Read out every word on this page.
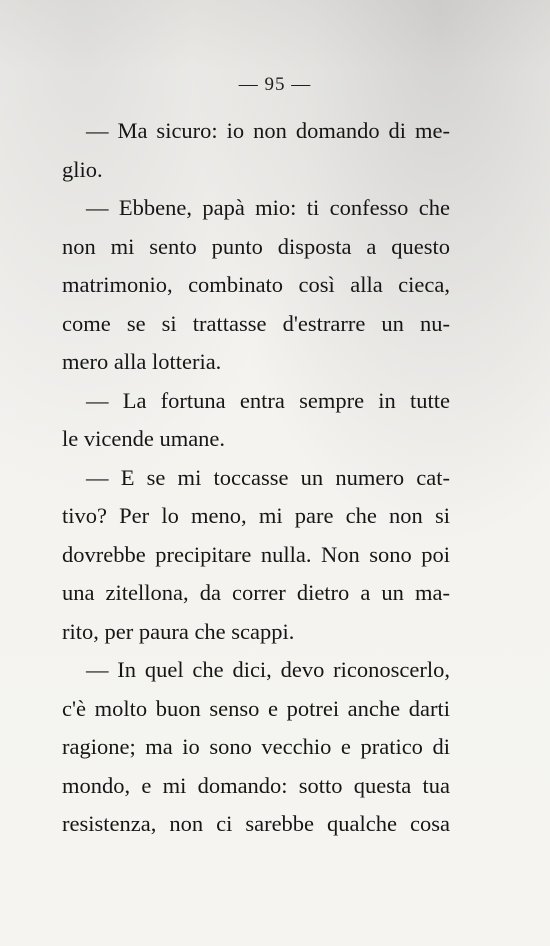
— 95 —
— Ma sicuro: io non domando di me-
glio.
— Ebbene, papà mio: ti confesso che
non mi sento punto disposta a questo
matrimonio, combinato così alla cieca,
come se si trattasse d'estrarre un nu-
mero alla lotteria.
— La fortuna entra sempre in tutte
le vicende umane.
— E se mi toccasse un numero cat-
tivo? Per lo meno, mi pare che non si
dovrebbe precipitare nulla. Non sono poi
una zitellona, da correr dietro a un ma-
rito, per paura che scappi.
— In quel che dici, devo riconoscerlo,
c'è molto buon senso e potrei anche darti
ragione; ma io sono vecchio e pratico di
mondo, e mi domando: sotto questa tua
resistenza, non ci sarebbe qualche cosa
